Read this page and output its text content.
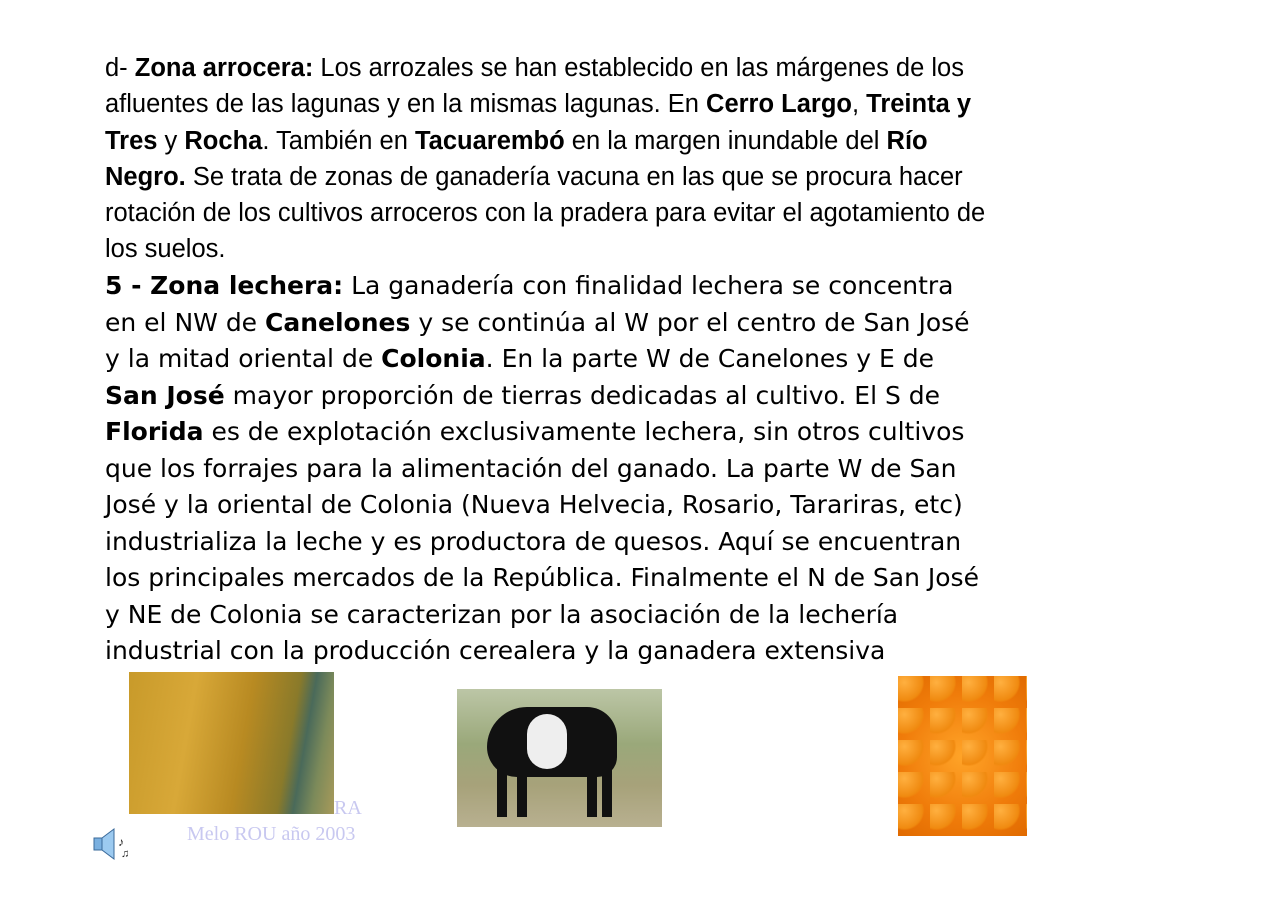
d- Zona arrocera: Los arrozales se han establecido en las márgenes de los
afluentes de las lagunas y en la mismas lagunas. En Cerro Largo, Treinta y
Tres y Rocha. También en Tacuarembó en la margen inundable del Río
Negro. Se trata de zonas de ganadería vacuna en las que se procura hacer
rotación de los cultivos arroceros con la pradera para evitar el agotamiento de
los suelos.
5 - Zona lechera: La ganadería con finalidad lechera se concentra
en el NW de Canelones y se continúa al W por el centro de San José
y la mitad oriental de Colonia. En la parte W de Canelones y E de
San José mayor proporción de tierras dedicadas al cultivo. El S de
Florida es de explotación exclusivamente lechera, sin otros cultivos
que los forrajes para la alimentación del ganado. La parte W de San
José y la oriental de Colonia (Nueva Helvecia, Rosario, Tarariras, etc)
industrializa la leche y es productora de quesos. Aquí se encuentran
los principales mercados de la República. Finalmente el N de San José
y NE de Colonia se caracterizan por la asociación de la lechería
industrial con la producción cerealera y la ganadera extensiva
RA
Melo ROU año 2003
♪
♫
